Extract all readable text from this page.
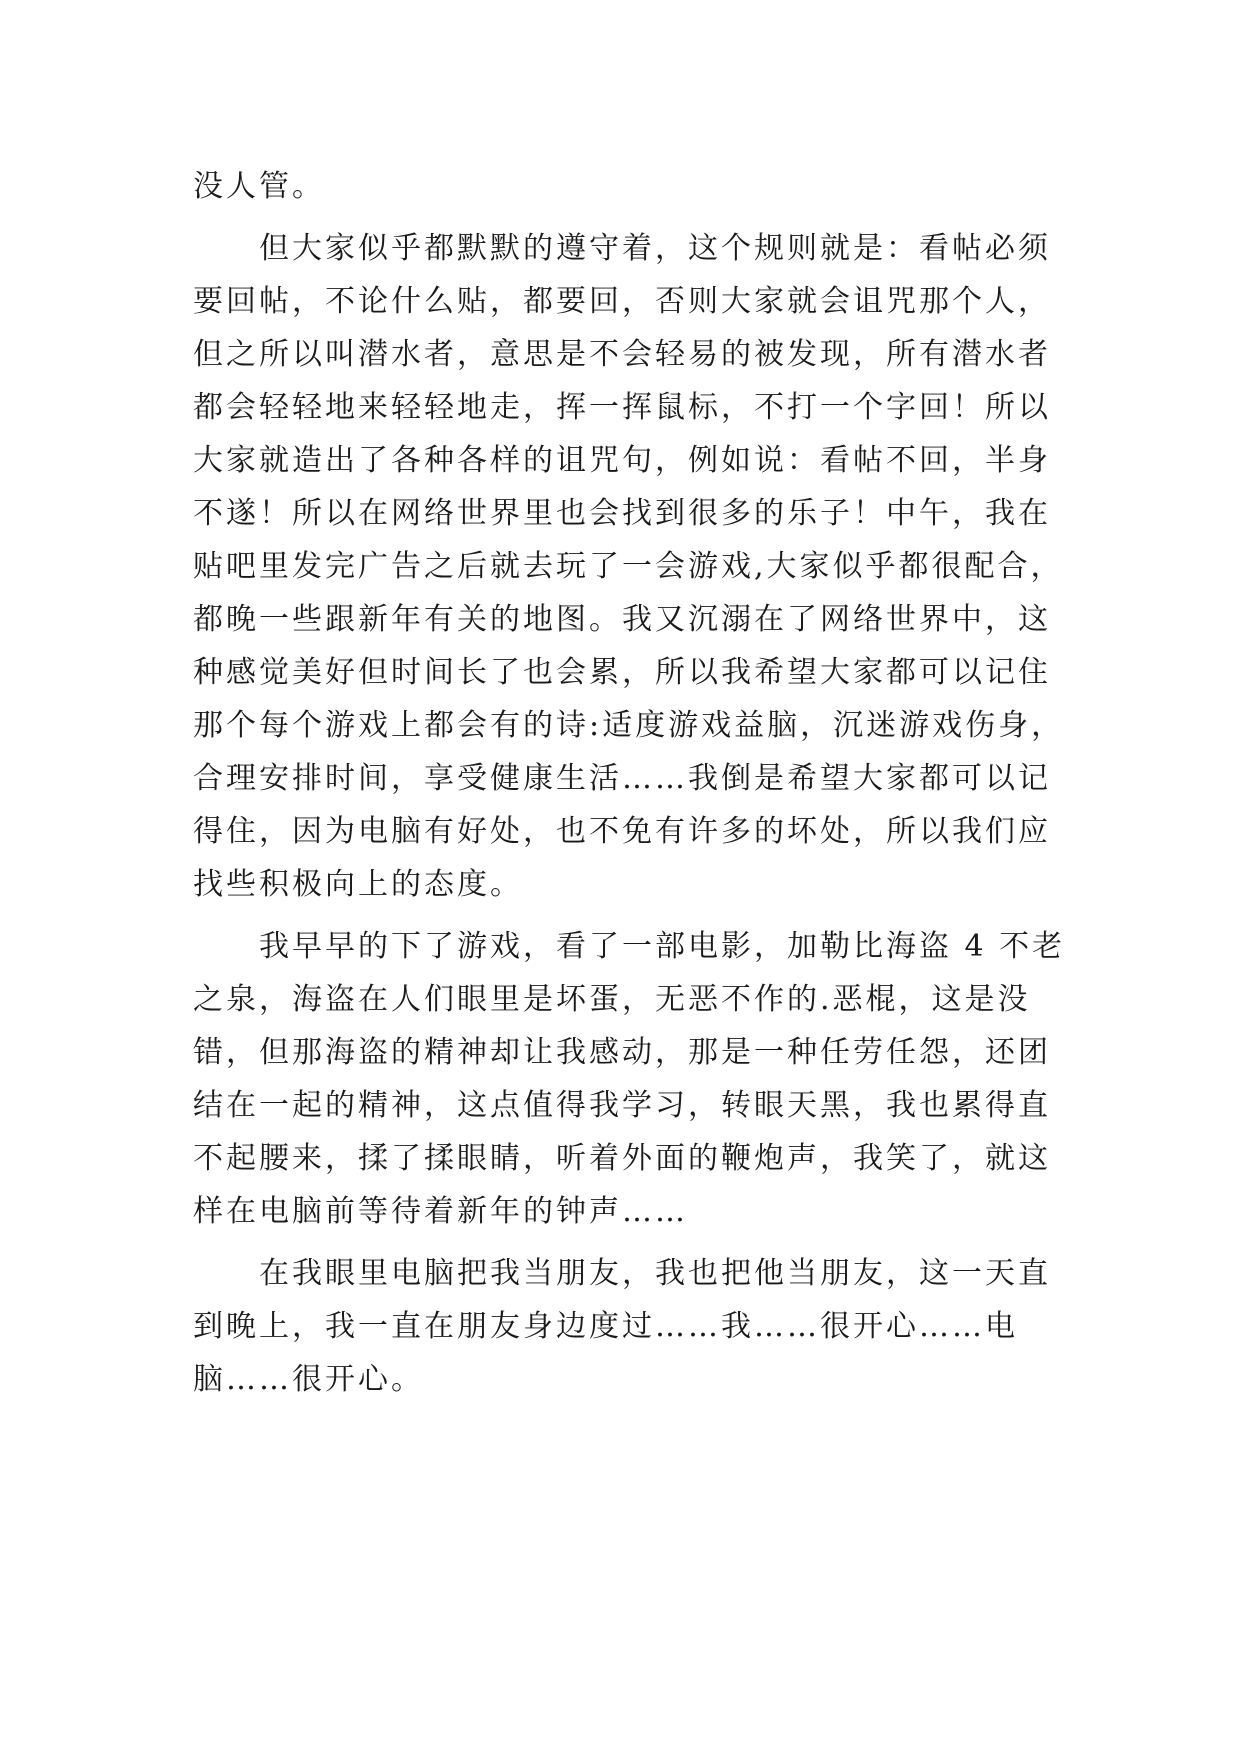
没人管。
但大家似乎都默默的遵守着，这个规则就是：看帖必须
要回帖，不论什么贴，都要回，否则大家就会诅咒那个人，
但之所以叫潜水者，意思是不会轻易的被发现，所有潜水者
都会轻轻地来轻轻地走，挥一挥鼠标，不打一个字回！所以
大家就造出了各种各样的诅咒句，例如说：看帖不回，半身
不遂！所以在网络世界里也会找到很多的乐子！中午，我在
贴吧里发完广告之后就去玩了一会游戏,大家似乎都很配合，
都晚一些跟新年有关的地图。我又沉溺在了网络世界中，这
种感觉美好但时间长了也会累，所以我希望大家都可以记住
那个每个游戏上都会有的诗:适度游戏益脑，沉迷游戏伤身，
合理安排时间，享受健康生活……我倒是希望大家都可以记
得住，因为电脑有好处，也不免有许多的坏处，所以我们应
找些积极向上的态度。
我早早的下了游戏，看了一部电影，加勒比海盗 4 不老
之泉，海盗在人们眼里是坏蛋，无恶不作的.恶棍，这是没
错，但那海盗的精神却让我感动，那是一种任劳任怨，还团
结在一起的精神，这点值得我学习，转眼天黑，我也累得直
不起腰来，揉了揉眼睛，听着外面的鞭炮声，我笑了，就这
样在电脑前等待着新年的钟声……
在我眼里电脑把我当朋友，我也把他当朋友，这一天直
到晚上，我一直在朋友身边度过……我……很开心……电
脑……很开心。
